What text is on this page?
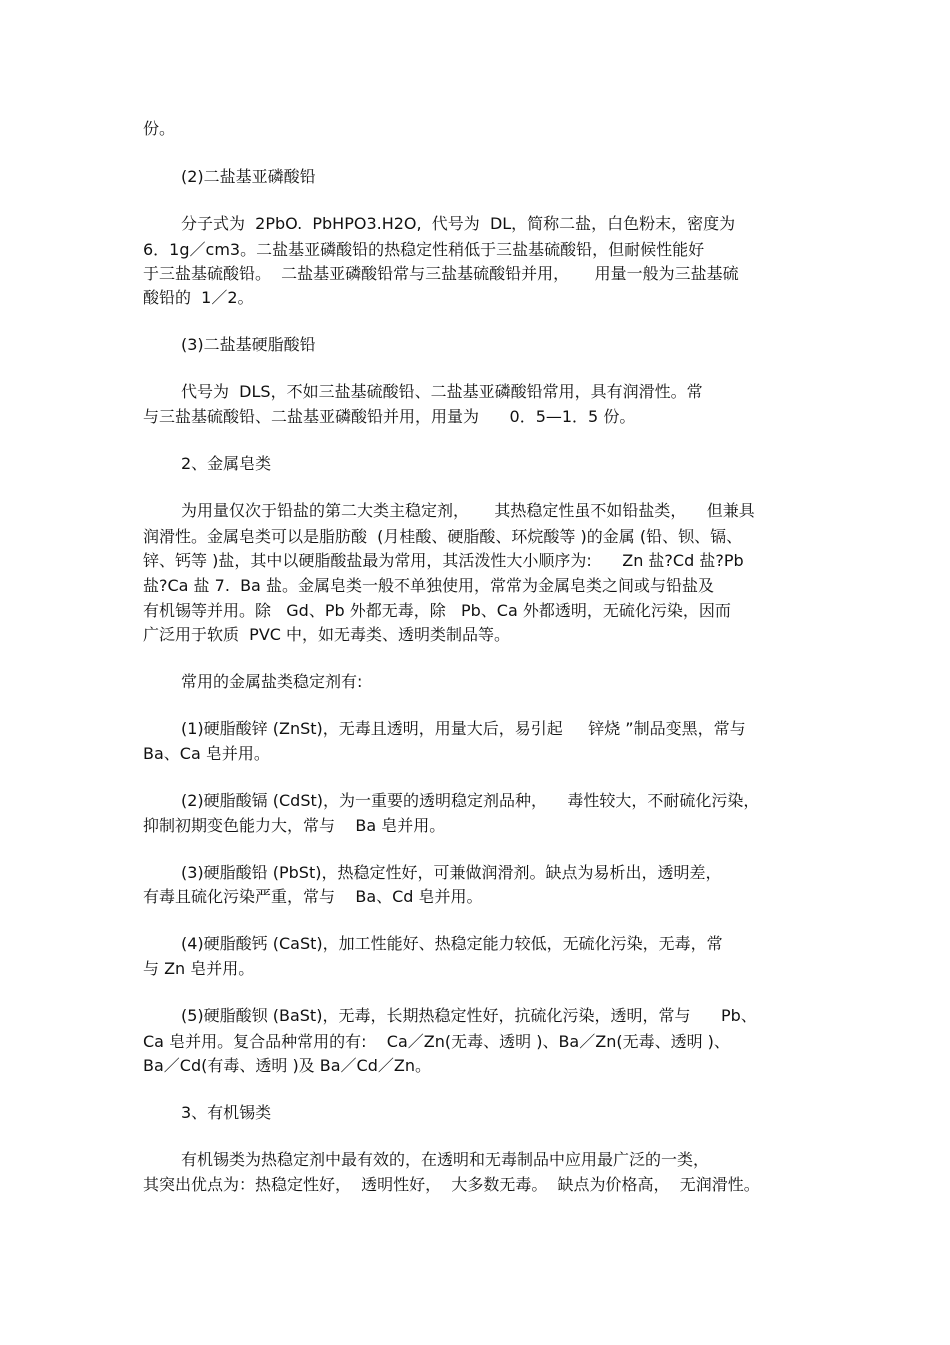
份。
(2)二盐基亚磷酸铅
分子式为  2PbO.  PbHPO3.H2O,  代号为  DL，简称二盐，白色粉末，密度为
6．1g／cm3。二盐基亚磷酸铅的热稳定性稍低于三盐基硫酸铅，但耐候性能好
于三盐基硫酸铅。  二盐基亚磷酸铅常与三盐基硫酸铅并用，     用量一般为三盐基硫
酸铅的  1／2。
(3)二盐基硬脂酸铅
代号为  DLS，不如三盐基硫酸铅、二盐基亚磷酸铅常用，具有润滑性。常
与三盐基硫酸铅、二盐基亚磷酸铅并用，用量为      0．5—1．5 份。
2、金属皂类
为用量仅次于铅盐的第二大类主稳定剂，     其热稳定性虽不如铅盐类，    但兼具
润滑性。金属皂类可以是脂肪酸  (月桂酸、硬脂酸、环烷酸等 )的金属 (铅、钡、镉、
锌、钙等 )盐，其中以硬脂酸盐最为常用，其活泼性大小顺序为:      Zn 盐?Cd 盐?Pb
盐?Ca 盐 7.  Ba 盐。金属皂类一般不单独使用，常常为金属皂类之间或与铅盐及
有机锡等并用。除   Gd、Pb 外都无毒，除   Pb、Ca 外都透明，无硫化污染，因而
广泛用于软质  PVC 中，如无毒类、透明类制品等。
常用的金属盐类稳定剂有:
(1)硬脂酸锌 (ZnSt)，无毒且透明，用量大后，易引起     锌烧 ”制品变黑，常与
Ba、Ca 皂并用。
(2)硬脂酸镉 (CdSt)，为一重要的透明稳定剂品种，    毒性较大，不耐硫化污染，
抑制初期变色能力大，常与    Ba 皂并用。
(3)硬脂酸铅 (PbSt)，热稳定性好，可兼做润滑剂。缺点为易析出，透明差，
有毒且硫化污染严重，常与    Ba、Cd 皂并用。
(4)硬脂酸钙 (CaSt)，加工性能好、热稳定能力较低，无硫化污染，无毒，常
与 Zn 皂并用。
(5)硬脂酸钡 (BaSt)，无毒，长期热稳定性好，抗硫化污染，透明，常与      Pb、
Ca 皂并用。复合品种常用的有:    Ca／Zn(无毒、透明 )、Ba／Zn(无毒、透明 )、
Ba／Cd(有毒、透明 )及 Ba／Cd／Zn。
3、有机锡类
有机锡类为热稳定剂中最有效的，在透明和无毒制品中应用最广泛的一类，
其突出优点为：热稳定性好，  透明性好，  大多数无毒。  缺点为价格高，  无润滑性。
